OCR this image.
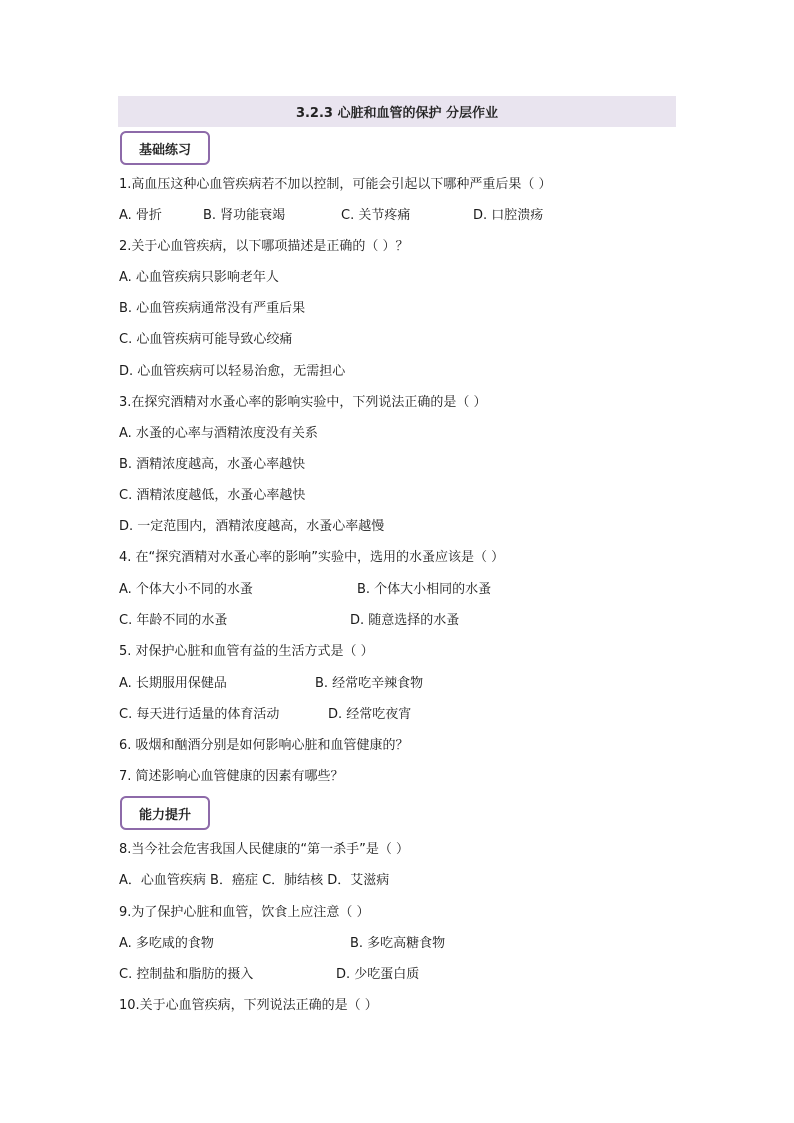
3.2.3 心脏和血管的保护 分层作业
基础练习
1.高血压这种心血管疾病若不加以控制，可能会引起以下哪种严重后果（ ）
A. 骨折	B. 肾功能衰竭	C. 关节疼痛	D. 口腔溃疡
2.关于心血管疾病，以下哪项描述是正确的（ ）？
A. 心血管疾病只影响老年人
B. 心血管疾病通常没有严重后果
C. 心血管疾病可能导致心绞痛
D. 心血管疾病可以轻易治愈，无需担心
3.在探究酒精对水蚤心率的影响实验中，下列说法正确的是（ ）
A. 水蚤的心率与酒精浓度没有关系
B. 酒精浓度越高，水蚤心率越快
C. 酒精浓度越低，水蚤心率越快
D. 一定范围内，酒精浓度越高，水蚤心率越慢
4. 在“探究酒精对水蚤心率的影响”实验中，选用的水蚤应该是（ ）
A. 个体大小不同的水蚤	B. 个体大小相同的水蚤
C. 年龄不同的水蚤	D. 随意选择的水蚤
5. 对保护心脏和血管有益的生活方式是（ ）
A. 长期服用保健品	B. 经常吃辛辣食物
C. 每天进行适量的体育活动	D. 经常吃夜宵
6. 吸烟和酗酒分别是如何影响心脏和血管健康的？
7. 简述影响心血管健康的因素有哪些？
能力提升
8.当今社会危害我国人民健康的“第一杀手”是（ ）
A．心血管疾病 B．癌症 C．肺结核 D．艾滋病
9.为了保护心脏和血管，饮食上应注意（ ）
A. 多吃咸的食物	B. 多吃高糖食物
C. 控制盐和脂肪的摄入	D. 少吃蛋白质
10.关于心血管疾病，下列说法正确的是（ ）
